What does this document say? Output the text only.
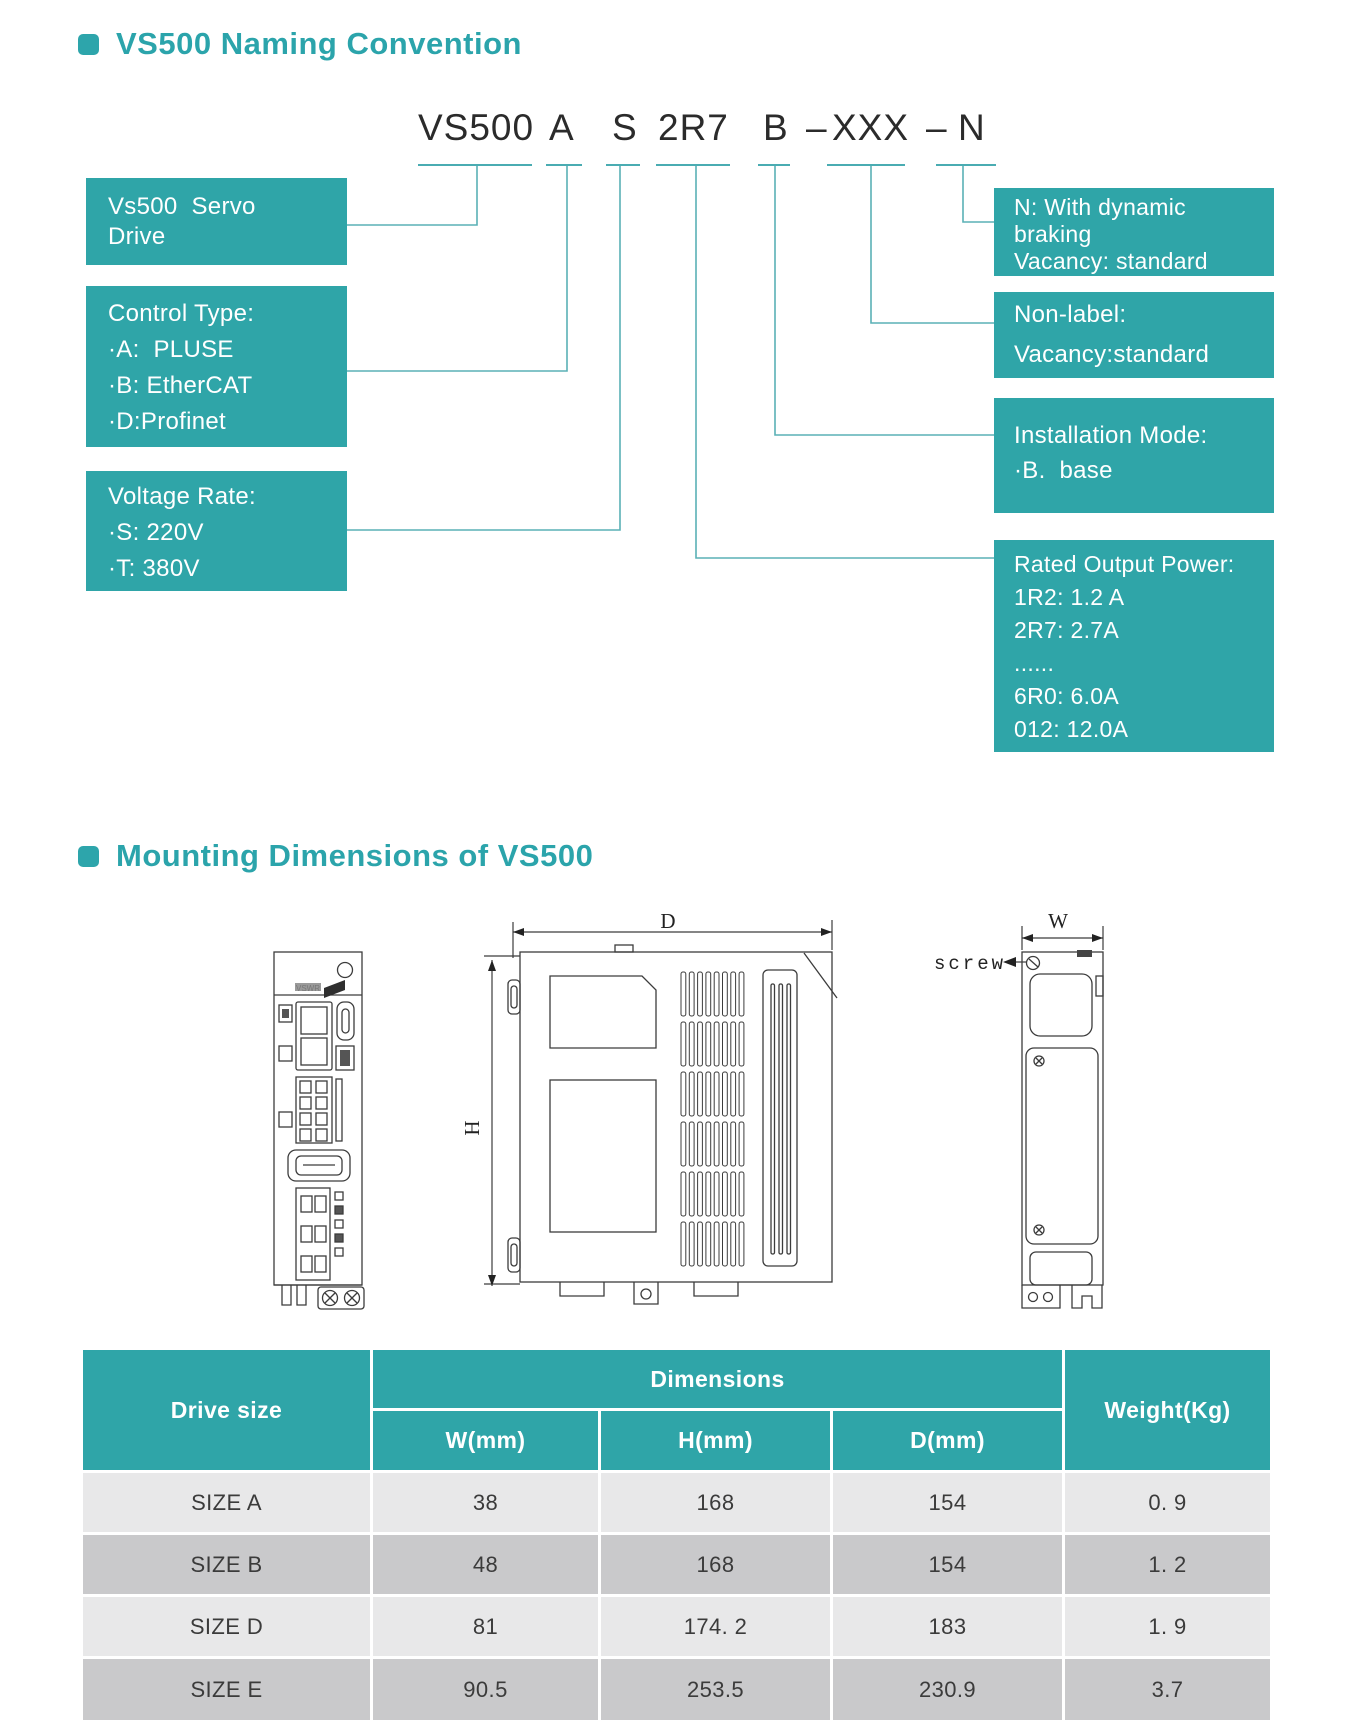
VS500 Naming Convention
VS500 A S 2R7 B – XXX – N
Vs500  Servo
Drive
Control Type:
·A:  PLUSE
·B: EtherCAT
·D:Profinet
Voltage Rate:
·S: 220V
·T: 380V
N: With dynamic
braking
Vacancy: standard
Non-label:
Vacancy:standard
Installation Mode:
·B.  base
Rated Output Power:
1R2: 1.2 A
2R7: 2.7A
......
6R0: 6.0A
012: 12.0A
Mounting Dimensions of VS500
D
H
W
screw
VSWR
Drive size
Dimensions
W(mm)	H(mm)	D(mm)
Weight(Kg)
SIZE A	38	168	154	0. 9
SIZE B	48	168	154	1. 2
SIZE D	81	174. 2	183	1. 9
SIZE E	90.5	253.5	230.9	3.7
